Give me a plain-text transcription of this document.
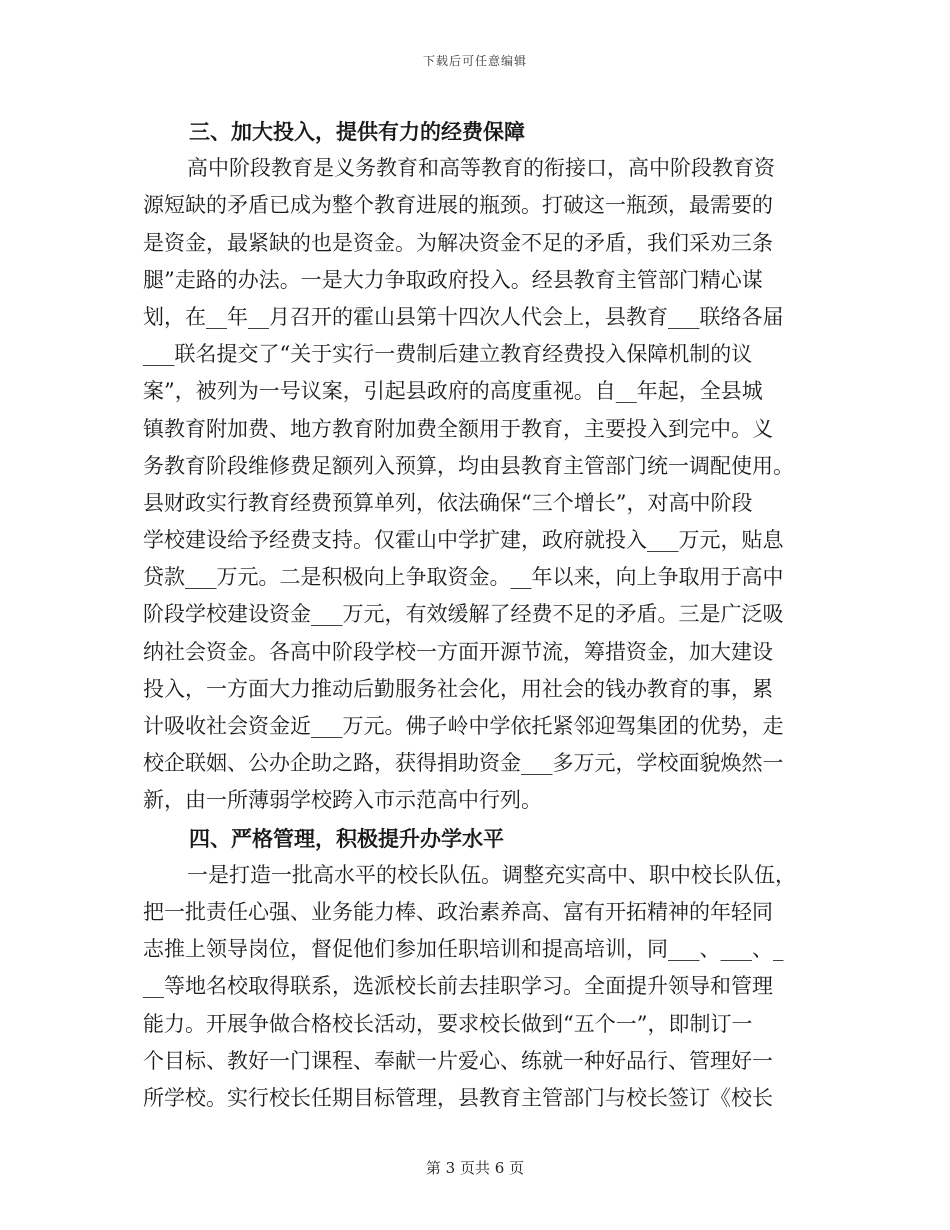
下载后可任意编辑
三、加大投入，提供有力的经费保障
高中阶段教育是义务教育和高等教育的衔接口，高中阶段教育资
源短缺的矛盾已成为整个教育进展的瓶颈。打破这一瓶颈，最需要的
是资金，最紧缺的也是资金。为解决资金不足的矛盾，我们采劝三条
腿”走路的办法。一是大力争取政府投入。经县教育主管部门精心谋
划，在__年__月召开的霍山县第十四次人代会上，县教育___联络各届
___联名提交了“关于实行一费制后建立教育经费投入保障机制的议
案”，被列为一号议案，引起县政府的高度重视。自__年起，全县城
镇教育附加费、地方教育附加费全额用于教育，主要投入到完中。义
务教育阶段维修费足额列入预算，均由县教育主管部门统一调配使用。
县财政实行教育经费预算单列，依法确保“三个增长”，对高中阶段
学校建设给予经费支持。仅霍山中学扩建，政府就投入___万元，贴息
贷款___万元。二是积极向上争取资金。__年以来，向上争取用于高中
阶段学校建设资金___万元，有效缓解了经费不足的矛盾。三是广泛吸
纳社会资金。各高中阶段学校一方面开源节流，筹措资金，加大建设
投入，一方面大力推动后勤服务社会化，用社会的钱办教育的事，累
计吸收社会资金近___万元。佛子岭中学依托紧邻迎驾集团的优势，走
校企联姻、公办企助之路，获得捐助资金___多万元，学校面貌焕然一
新，由一所薄弱学校跨入市示范高中行列。
四、严格管理，积极提升办学水平
一是打造一批高水平的校长队伍。调整充实高中、职中校长队伍，
把一批责任心强、业务能力棒、政治素养高、富有开拓精神的年轻同
志推上领导岗位，督促他们参加任职培训和提高培训，同___、___、_
__等地名校取得联系，选派校长前去挂职学习。全面提升领导和管理
能力。开展争做合格校长活动，要求校长做到“五个一”，即制订一
个目标、教好一门课程、奉献一片爱心、练就一种好品行、管理好一
所学校。实行校长任期目标管理，县教育主管部门与校长签订《校长
第 3 页共 6 页
